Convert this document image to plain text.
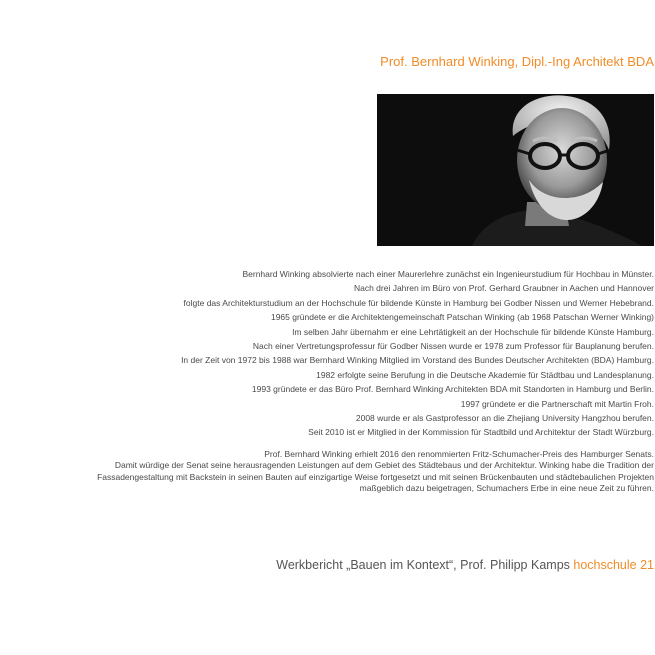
Prof. Bernhard Winking, Dipl.-Ing Architekt BDA
Bernhard Winking absolvierte nach einer Maurerlehre zunächst ein Ingenieurstudium für Hochbau in Münster.
Nach drei Jahren im Büro von Prof. Gerhard Graubner in Aachen und Hannover
folgte das Architekturstudium an der Hochschule für bildende Künste in Hamburg bei Godber Nissen und Werner Hebebrand.
1965 gründete er die Architektengemeinschaft Patschan Winking (ab 1968 Patschan Werner Winking)
Im selben Jahr übernahm er eine Lehrtätigkeit an der Hochschule für bildende Künste Hamburg.
Nach einer Vertretungsprofessur für Godber Nissen wurde er 1978 zum Professor für Bauplanung berufen.
In der Zeit von 1972 bis 1988 war Bernhard Winking Mitglied im Vorstand des Bundes Deutscher Architekten (BDA) Hamburg.
1982 erfolgte seine Berufung in die Deutsche Akademie für Städtbau und Landesplanung.
1993 gründete er das Büro Prof. Bernhard Winking Architekten BDA mit Standorten in Hamburg und Berlin.
1997 gründete er die Partnerschaft mit Martin Froh.
2008 wurde er als Gastprofessor an die Zhejiang University Hangzhou berufen.
Seit 2010 ist er Mitglied in der Kommission für Stadtbild und Architektur der Stadt Würzburg.
Prof. Bernhard Winking erhielt 2016 den renommierten Fritz-Schumacher-Preis des Hamburger Senats.
Damit würdige der Senat seine herausragenden Leistungen auf dem Gebiet des Städtebaus und der Architektur. Winking habe die Tradition der
Fassadengestaltung mit Backstein in seinen Bauten auf einzigartige Weise fortgesetzt und mit seinen Brückenbauten und städtebaulichen Projekten
maßgeblich dazu beigetragen, Schumachers Erbe in eine neue Zeit zu führen.
Werkbericht „Bauen im Kontext“, Prof. Philipp Kamps hochschule 21
